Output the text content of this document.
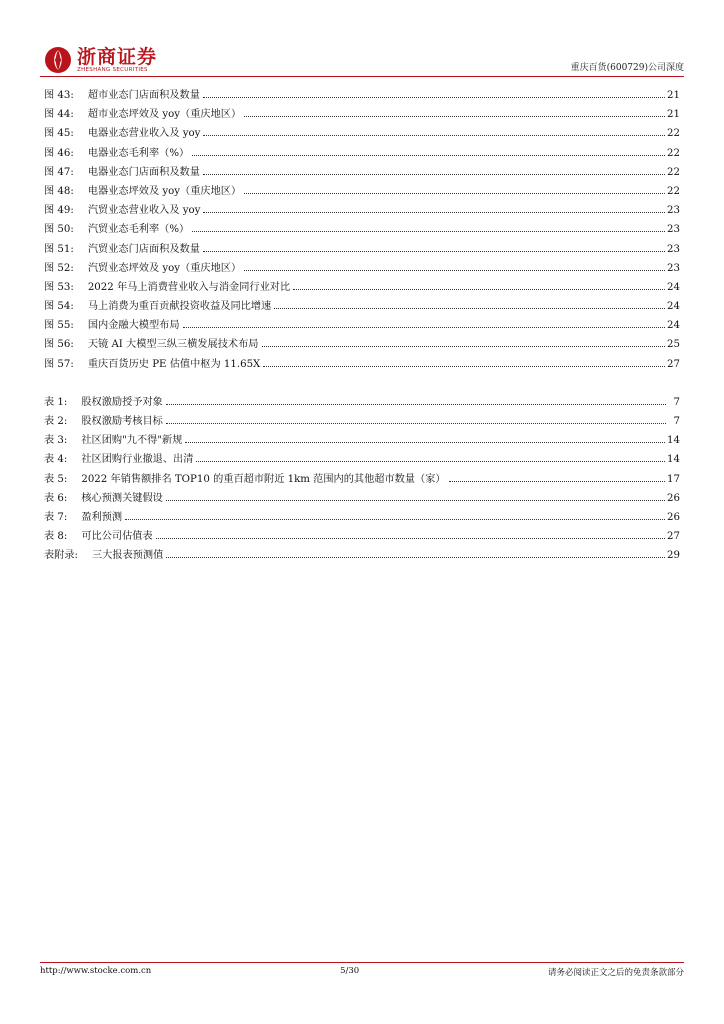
浙商证券
ZHESHANG SECURITIES	重庆百货(600729)公司深度
图 43: 超市业态门店面积及数量	21
图 44: 超市业态坪效及 yoy（重庆地区）	21
图 45: 电器业态营业收入及 yoy	22
图 46: 电器业态毛利率（%）	22
图 47: 电器业态门店面积及数量	22
图 48: 电器业态坪效及 yoy（重庆地区）	22
图 49: 汽贸业态营业收入及 yoy	23
图 50: 汽贸业态毛利率（%）	23
图 51: 汽贸业态门店面积及数量	23
图 52: 汽贸业态坪效及 yoy（重庆地区）	23
图 53: 2022 年马上消费营业收入与消金同行业对比	24
图 54: 马上消费为重百贡献投资收益及同比增速	24
图 55: 国内金融大模型布局	24
图 56: 天镜 AI 大模型三纵三横发展技术布局	25
图 57: 重庆百货历史 PE 估值中枢为 11.65X	27
表 1: 股权激励授予对象	7
表 2: 股权激励考核目标	7
表 3: 社区团购"九不得"新规	14
表 4: 社区团购行业撤退、出清	14
表 5: 2022 年销售额排名 TOP10 的重百超市附近 1km 范围内的其他超市数量（家）	17
表 6: 核心预测关键假设	26
表 7: 盈利预测	26
表 8: 可比公司估值表	27
表附录: 三大报表预测值	29
http://www.stocke.com.cn	5/30	请务必阅读正文之后的免责条款部分
